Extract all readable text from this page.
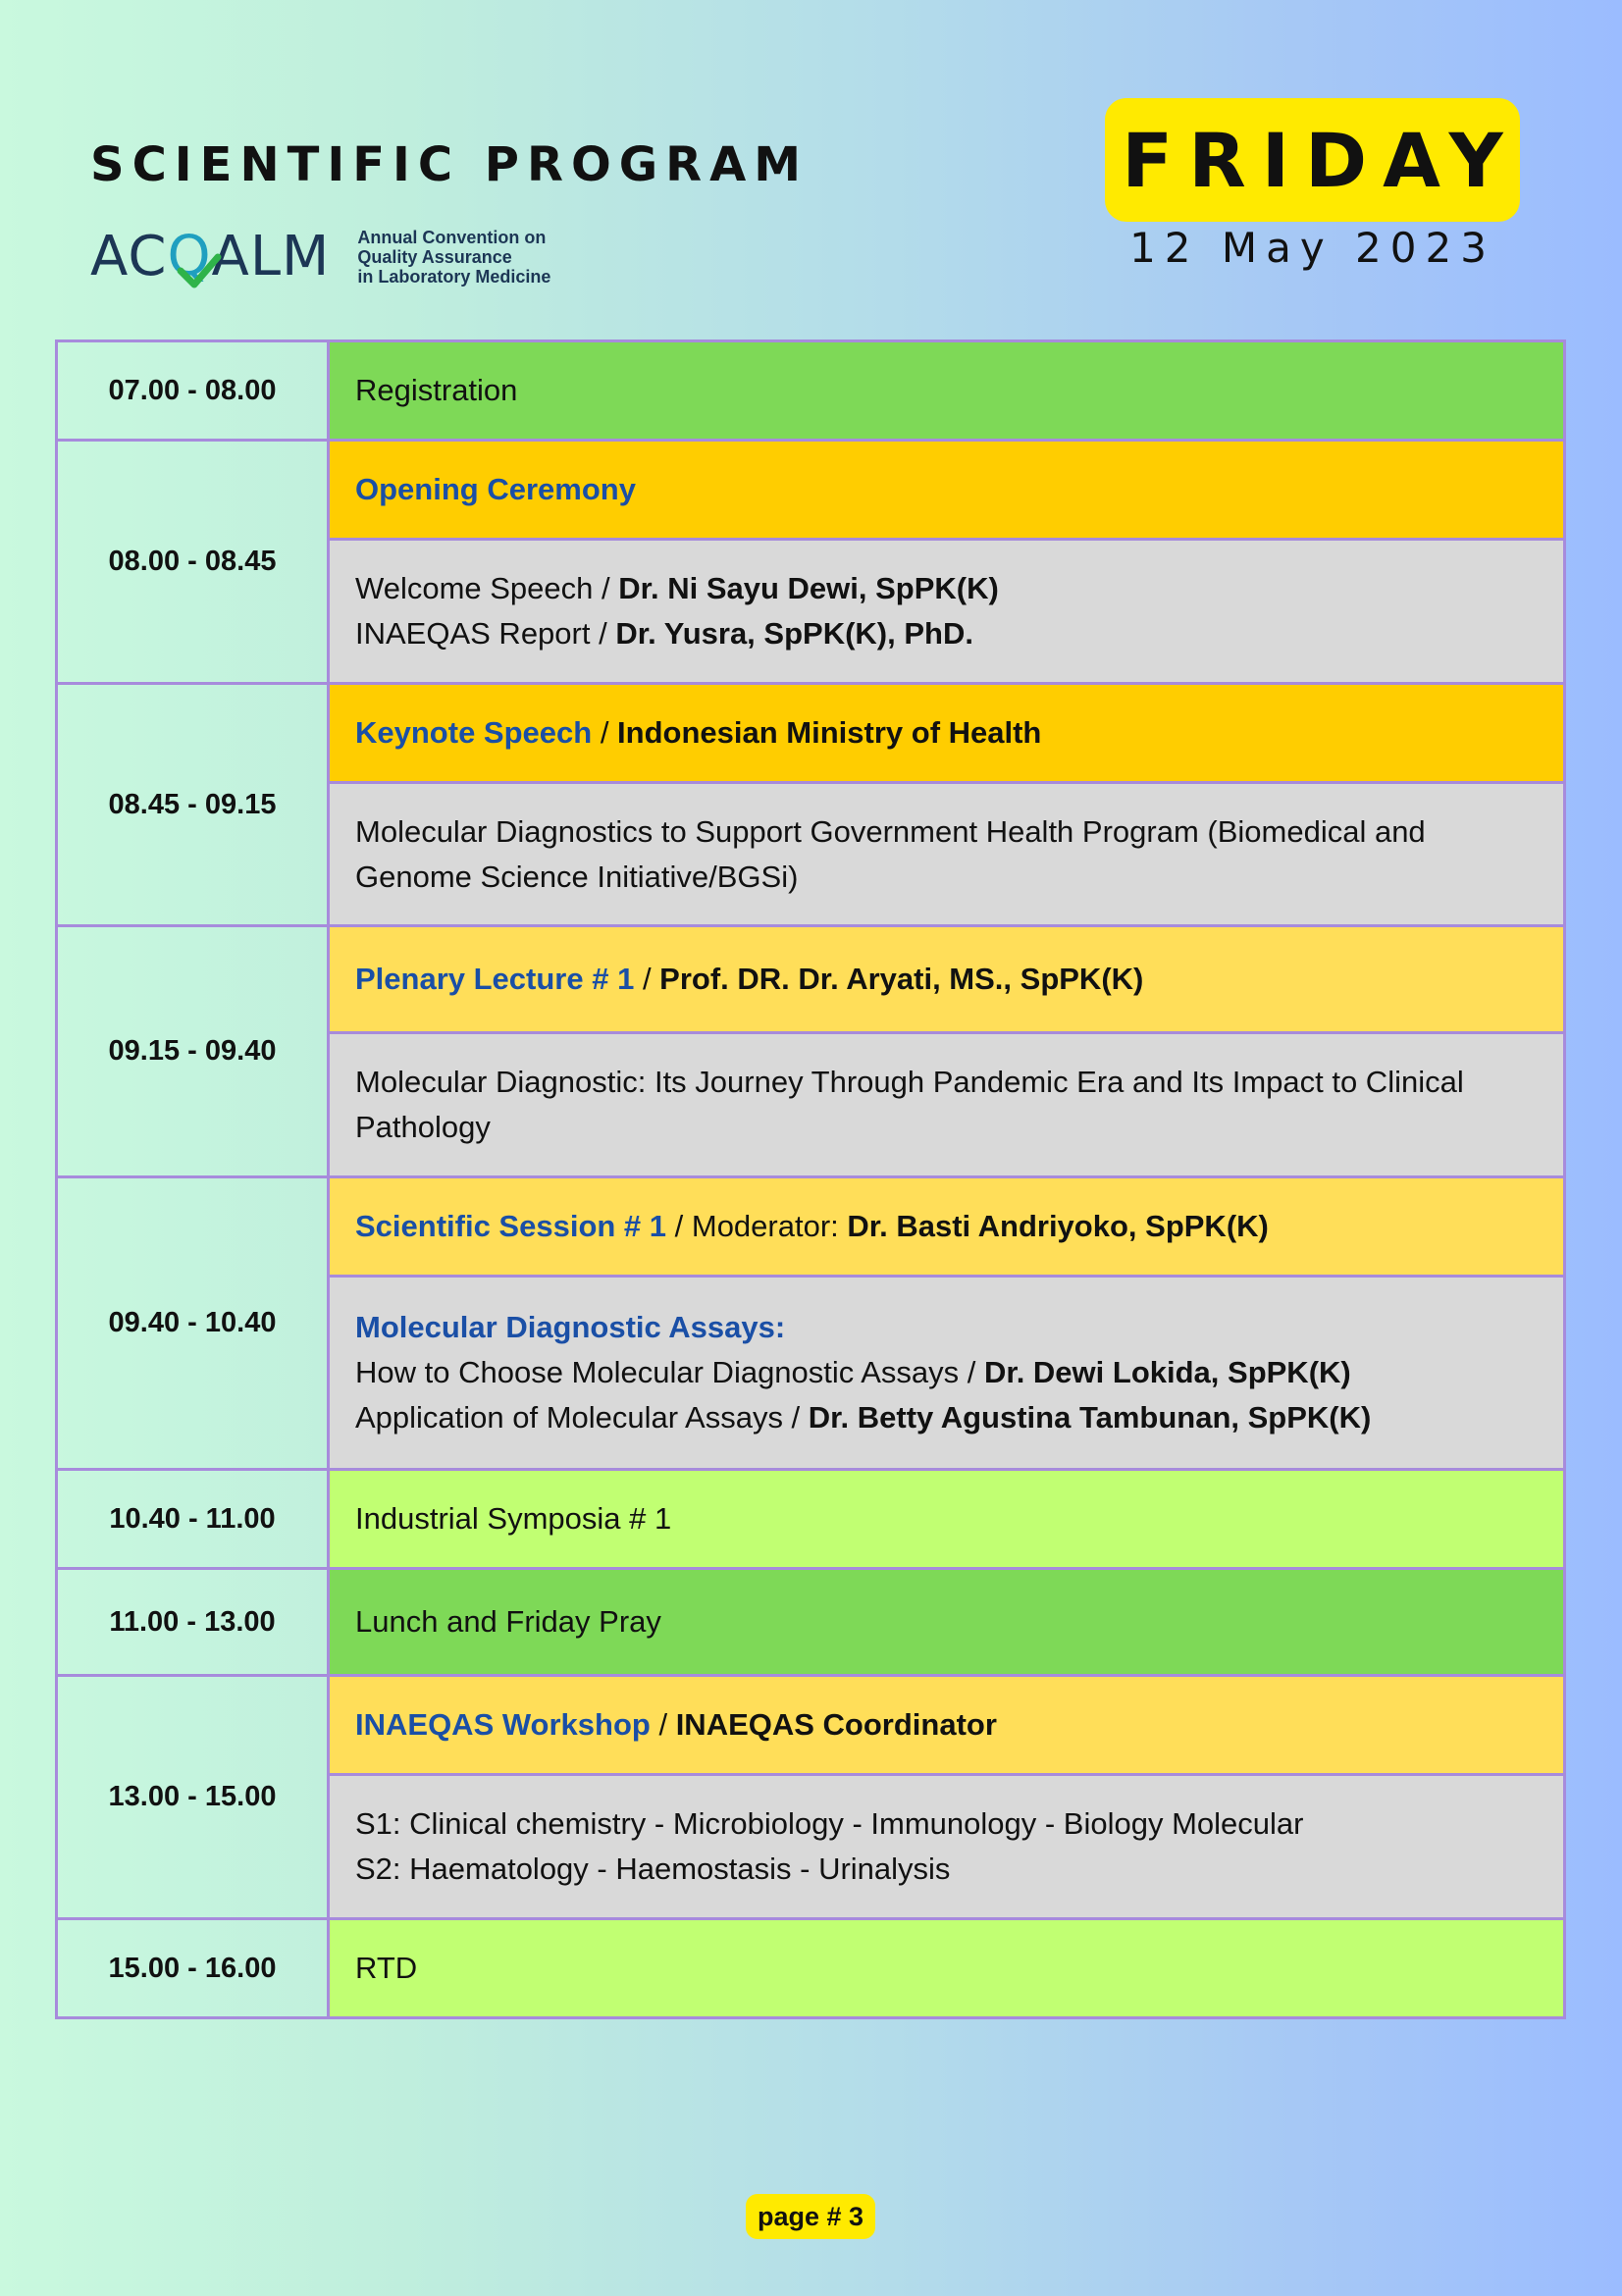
SCIENTIFIC PROGRAM
AC Q ALM Annual Convention on
Quality Assurance
in Laboratory Medicine
FRIDAY
12 May 2023
07.00 - 08.00	Registration
08.00 - 08.45	Opening Ceremony

	Welcome Speech / Dr. Ni Sayu Dewi, SpPK(K)
INAEQAS Report / Dr. Yusra, SpPK(K), PhD.

08.45 - 09.15	Keynote Speech / Indonesian Ministry of Health

	Molecular Diagnostics to Support Government Health Program (Biomedical and
Genome Science Initiative/BGSi)

09.15 - 09.40	Plenary Lecture # 1 / Prof. DR. Dr. Aryati, MS., SpPK(K)

	Molecular Diagnostic: Its Journey Through Pandemic Era and Its Impact to Clinical
Pathology

09.40 - 10.40	Scientific Session # 1 / Moderator: Dr. Basti Andriyoko, SpPK(K)

	Molecular Diagnostic Assays:
How to Choose Molecular Diagnostic Assays / Dr. Dewi Lokida, SpPK(K)
Application of Molecular Assays / Dr. Betty Agustina Tambunan, SpPK(K)

10.40 - 11.00	Industrial Symposia # 1
11.00 - 13.00	Lunch and Friday Pray
13.00 - 15.00	INAEQAS Workshop / INAEQAS Coordinator

	S1: Clinical chemistry - Microbiology - Immunology - Biology Molecular
S2: Haematology - Haemostasis - Urinalysis

15.00 - 16.00	RTD
page # 3
